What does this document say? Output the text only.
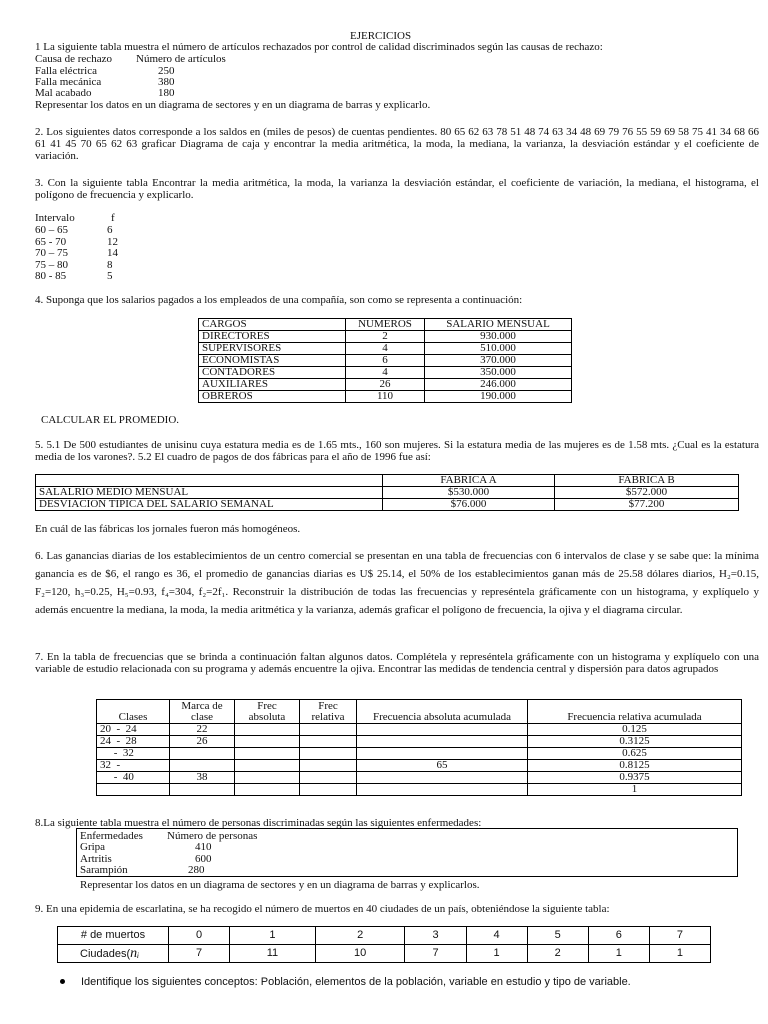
EJERCICIOS
1 La siguiente tabla muestra el número de artículos rechazados por control de calidad discriminados según las causas de rechazo:
Causa de rechazo Número de artículos
Falla eléctrica	250
Falla mecánica	380
Mal acabado	180
Representar los datos en un diagrama de sectores y en un diagrama de barras y explicarlo.
2. Los siguientes datos corresponde a los saldos en (miles de pesos) de cuentas pendientes. 80 65 62 63 78 51 48 74 63 34 48 69 79 76 55 59 69 58 75 41 34 68 66 61 41 45 70 65 62 63 graficar Diagrama de caja y encontrar la media aritmética, la moda, la mediana, la varianza, la desviación estándar y el coeficiente de variación.
3. Con la siguiente tabla Encontrar la media aritmética, la moda, la varianza la desviación estándar, el coeficiente de variación, la mediana, el histograma, el polígono de frecuencia y explicarlo.
Intervalo	f
60 – 65	6
65 - 70	12
70 – 75	14
75 – 80	8
80 - 85	5
4. Suponga que los salarios pagados a los empleados de una compañía, son como se representa a continuación:
CARGOS	NUMEROS	SALARIO MENSUAL
DIRECTORES	2	930.000
SUPERVISORES	4	510.000
ECONOMISTAS	6	370.000
CONTADORES	4	350.000
AUXILIARES	26	246.000
OBREROS	110	190.000
CALCULAR EL PROMEDIO.
5. 5.1 De 500 estudiantes de unisinu cuya estatura media es de 1.65 mts., 160 son mujeres. Si la estatura media de las mujeres es de 1.58 mts. ¿Cual es la estatura media de los varones?. 5.2 El cuadro de pagos de dos fábricas para el año de 1996 fue así:
	FABRICA A	FABRICA B
SALALRIO MEDIO MENSUAL	$530.000	$572.000
DESVIACION TIPICA DEL SALARIO SEMANAL	$76.000	$77.200
En cuál de las fábricas los jornales fueron más homogéneos.
6. Las ganancias diarias de los establecimientos de un centro comercial se presentan en una tabla de frecuencias con 6 intervalos de clase y se sabe que: la mínima ganancia es de $6, el rango es 36, el promedio de ganancias diarias es U$ 25.14, el 50% de los establecimientos ganan más de 25.58 dólares diarios, H₂=0.15, F₂=120, h₃=0.25, H₅=0.93, f₄=304, f₂=2f₁. Reconstruir la distribución de todas las frecuencias y represéntela gráficamente con un histograma, y explíquelo y además encuentre la mediana, la moda, la media aritmética y la varianza, además graficar el polígono de frecuencia, la ojiva y el diagrama circular.
7. En la tabla de frecuencias que se brinda a continuación faltan algunos datos. Complétela y represéntela gráficamente con un histograma y explíquelo con una variable de estudio relacionada con su programa y además encuentre la ojiva. Encontrar las medidas de tendencia central y dispersión para datos agrupados
Clases	Marca de clase	Frec absoluta	Frec relativa	Frecuencia absoluta acumulada	Frecuencia relativa acumulada
20  -  24	22				0.125
24  -  28	26				0.3125
-  32					0.625
32  -				65	0.8125
-  40	38				0.9375
					1
8.La siguiente tabla muestra el número de personas discriminadas según las siguientes enfermedades:
Enfermedades Número de personas
Gripa	410
Artritis	600
Sarampión	280
Representar los datos en un diagrama de sectores y en un diagrama de barras y explicarlos.
9. En una epidemia de escarlatina, se ha recogido el número de muertos en 40 ciudades de un país, obteniéndose la siguiente tabla:
# de muertos	0	1	2	3	4	5	6	7
Ciudades(nᵢ	7	11	10	7	1	2	1	1
Identifique los siguientes conceptos: Población, elementos de la población, variable en estudio y tipo de variable.
